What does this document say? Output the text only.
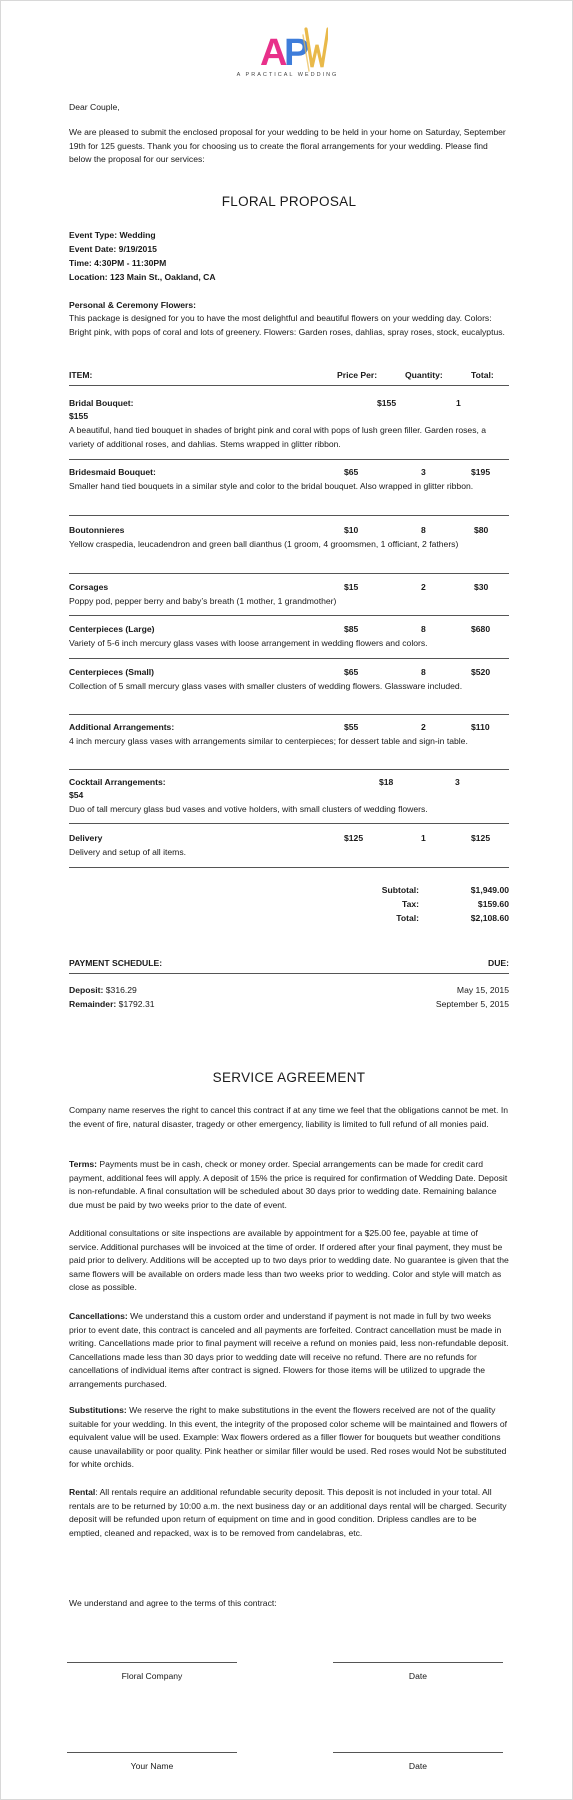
A
P
A PRACTICAL WEDDING
Dear Couple,
We are pleased to submit the enclosed proposal for your wedding to be held in your home on Saturday, September 19th for 125 guests. Thank you for choosing us to create the floral arrangements for your wedding. Please find below the proposal for our services:
FLORAL PROPOSAL
Event Type: Wedding
Event Date: 9/19/2015
Time: 4:30PM - 11:30PM
Location: 123 Main St., Oakland, CA
Personal & Ceremony Flowers:
This package is designed for you to have the most delightful and beautiful flowers on your wedding day. Colors: Bright pink, with pops of coral and lots of greenery. Flowers: Garden roses, dahlias, spray roses, stock, eucalyptus.
ITEM:	Price Per:	Quantity:	Total:
Bridal Bouquet:	$155	1
$155
A beautiful, hand tied bouquet in shades of bright pink and coral with pops of lush green filler. Garden roses, a variety of additional roses, and dahlias. Stems wrapped in glitter ribbon.
Bridesmaid Bouquet:	$65	3	$195
Smaller hand tied bouquets in a similar style and color to the bridal bouquet. Also wrapped in glitter ribbon.
Boutonnieres	$10	8	$80
Yellow craspedia, leucadendron and green ball dianthus (1 groom, 4 groomsmen, 1 officiant, 2 fathers)
Corsages	$15	2	$30
Poppy pod, pepper berry and baby’s breath (1 mother, 1 grandmother)
Centerpieces (Large)	$85	8	$680
Variety of 5-6 inch mercury glass vases with loose arrangement in wedding flowers and colors.
Centerpieces (Small)	$65	8	$520
Collection of 5 small mercury glass vases with smaller clusters of wedding flowers. Glassware included.
Additional Arrangements:	$55	2	$110
4 inch mercury glass vases with arrangements similar to centerpieces; for dessert table and sign-in table.
Cocktail Arrangements:	$18	3
$54
Duo of tall mercury glass bud vases and votive holders, with small clusters of wedding flowers.
Delivery	$125	1	$125
Delivery and setup of all items.
Subtotal:	$1,949.00
Tax:	$159.60
Total:	$2,108.60
PAYMENT SCHEDULE:	DUE:
Deposit: $316.29	May 15, 2015
Remainder: $1792.31	September 5, 2015
SERVICE AGREEMENT
Company name reserves the right to cancel this contract if at any time we feel that the obligations cannot be met. In the event of fire, natural disaster, tragedy or other emergency, liability is limited to full refund of all monies paid.
Terms: Payments must be in cash, check or money order. Special arrangements can be made for credit card payment, additional fees will apply. A deposit of 15% the price is required for confirmation of Wedding Date. Deposit is non-refundable. A final consultation will be scheduled about 30 days prior to wedding date. Remaining balance due must be paid by two weeks prior to the date of event.
Additional consultations or site inspections are available by appointment for a $25.00 fee, payable at time of service. Additional purchases will be invoiced at the time of order. If ordered after your final payment, they must be paid prior to delivery. Additions will be accepted up to two days prior to wedding date. No guarantee is given that the same flowers will be available on orders made less than two weeks prior to wedding. Color and style will match as close as possible.
Cancellations: We understand this a custom order and understand if payment is not made in full by two weeks prior to event date, this contract is canceled and all payments are forfeited. Contract cancellation must be made in writing. Cancellations made prior to final payment will receive a refund on monies paid, less non-refundable deposit. Cancellations made less than 30 days prior to wedding date will receive no refund. There are no refunds for cancellations of individual items after contract is signed. Flowers for those items will be utilized to upgrade the arrangements purchased.
Substitutions: We reserve the right to make substitutions in the event the flowers received are not of the quality suitable for your wedding. In this event, the integrity of the proposed color scheme will be maintained and flowers of equivalent value will be used. Example: Wax flowers ordered as a filler flower for bouquets but weather conditions cause unavailability or poor quality. Pink heather or similar filler would be used. Red roses would Not be substituted for white orchids.
Rental: All rentals require an additional refundable security deposit. This deposit is not included in your total. All rentals are to be returned by 10:00 a.m. the next business day or an additional days rental will be charged. Security deposit will be refunded upon return of equipment on time and in good condition. Dripless candles are to be emptied, cleaned and repacked, wax is to be removed from candelabras, etc.
We understand and agree to the terms of this contract:
Floral Company	Date
Your Name	Date
